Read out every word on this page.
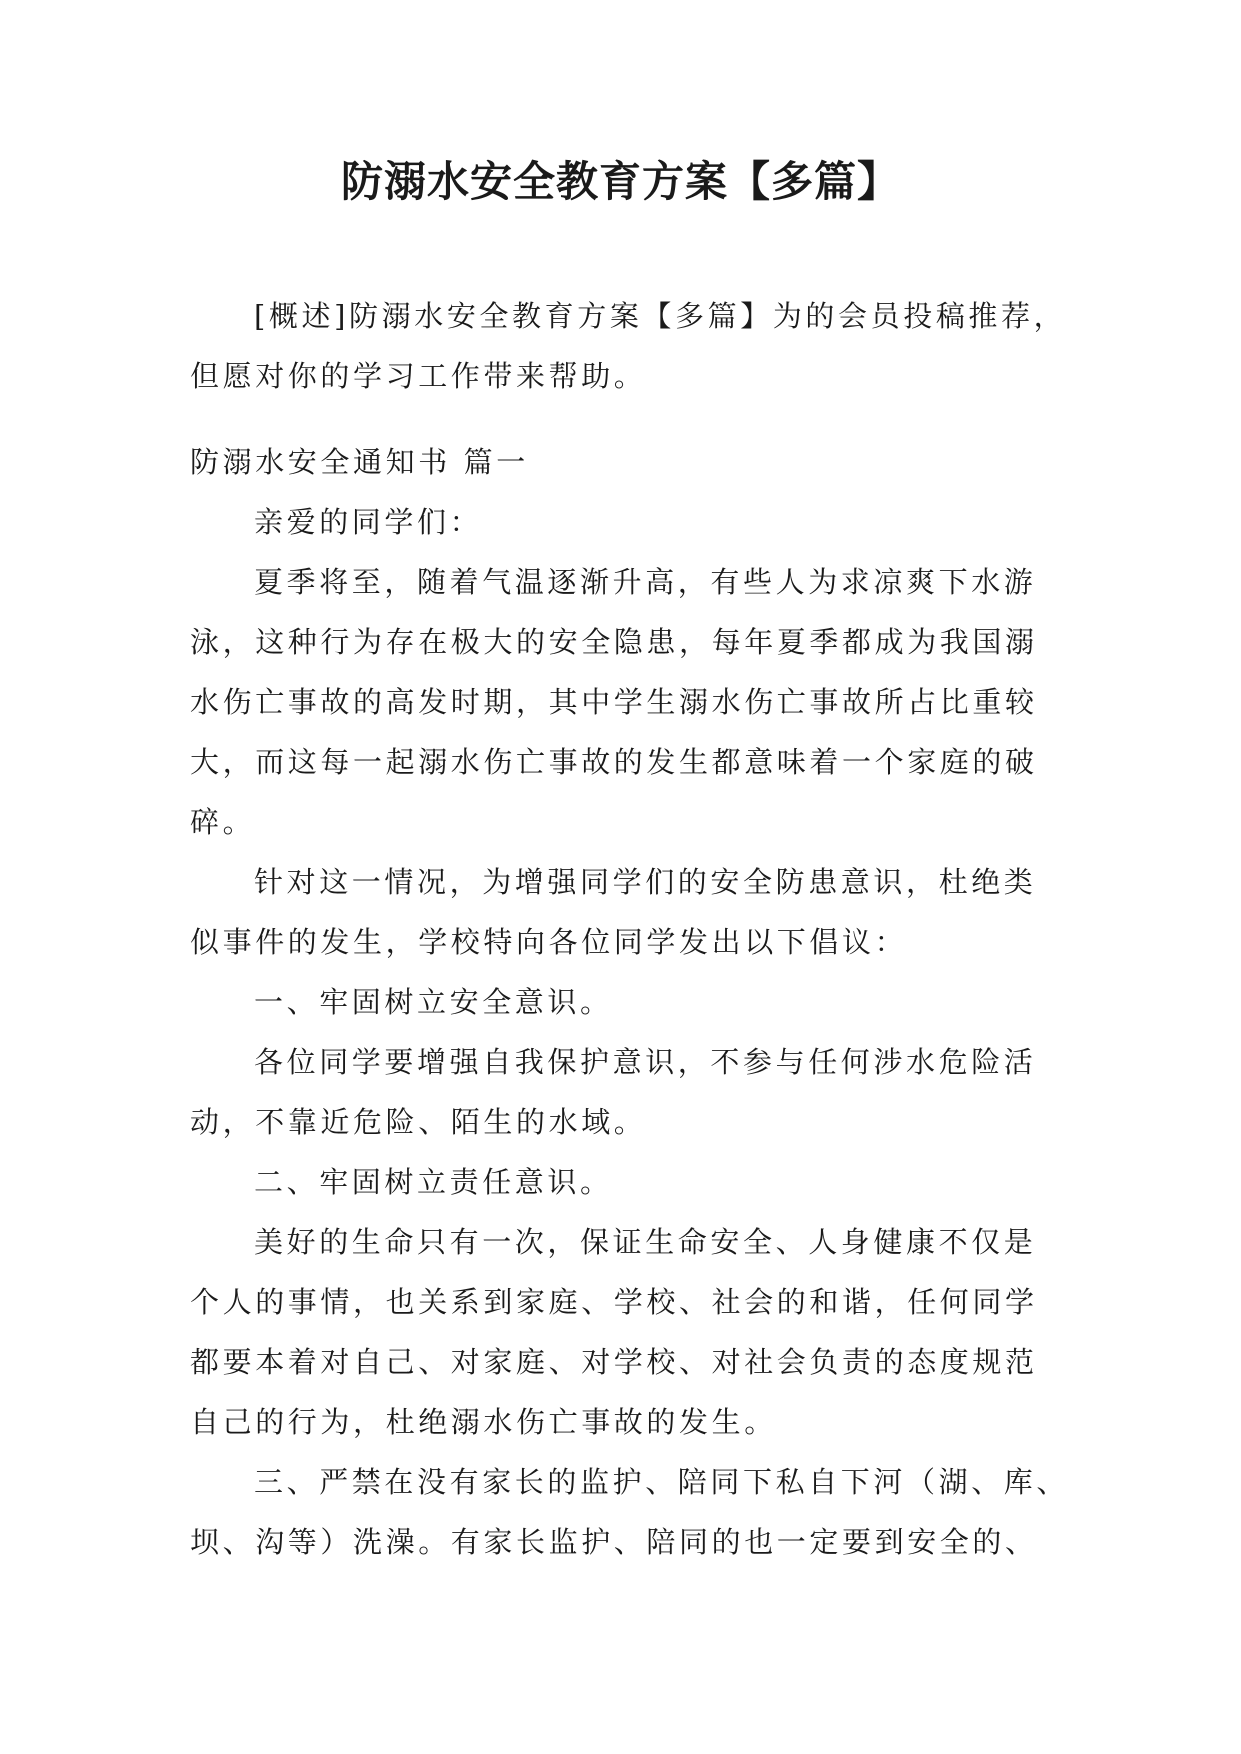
防溺水安全教育方案【多篇】
[概述]防溺水安全教育方案【多篇】为的会员投稿推荐，
但愿对你的学习工作带来帮助。
防溺水安全通知书 篇一
亲爱的同学们：
夏季将至，随着气温逐渐升高，有些人为求凉爽下水游
泳，这种行为存在极大的安全隐患，每年夏季都成为我国溺
水伤亡事故的高发时期，其中学生溺水伤亡事故所占比重较
大，而这每一起溺水伤亡事故的发生都意味着一个家庭的破
碎。
针对这一情况，为增强同学们的安全防患意识，杜绝类
似事件的发生，学校特向各位同学发出以下倡议：
一、牢固树立安全意识。
各位同学要增强自我保护意识，不参与任何涉水危险活
动，不靠近危险、陌生的水域。
二、牢固树立责任意识。
美好的生命只有一次，保证生命安全、人身健康不仅是
个人的事情，也关系到家庭、学校、社会的和谐，任何同学
都要本着对自己、对家庭、对学校、对社会负责的态度规范
自己的行为，杜绝溺水伤亡事故的发生。
三、严禁在没有家长的监护、陪同下私自下河（湖、库、
坝、沟等）洗澡。有家长监护、陪同的也一定要到安全的、
